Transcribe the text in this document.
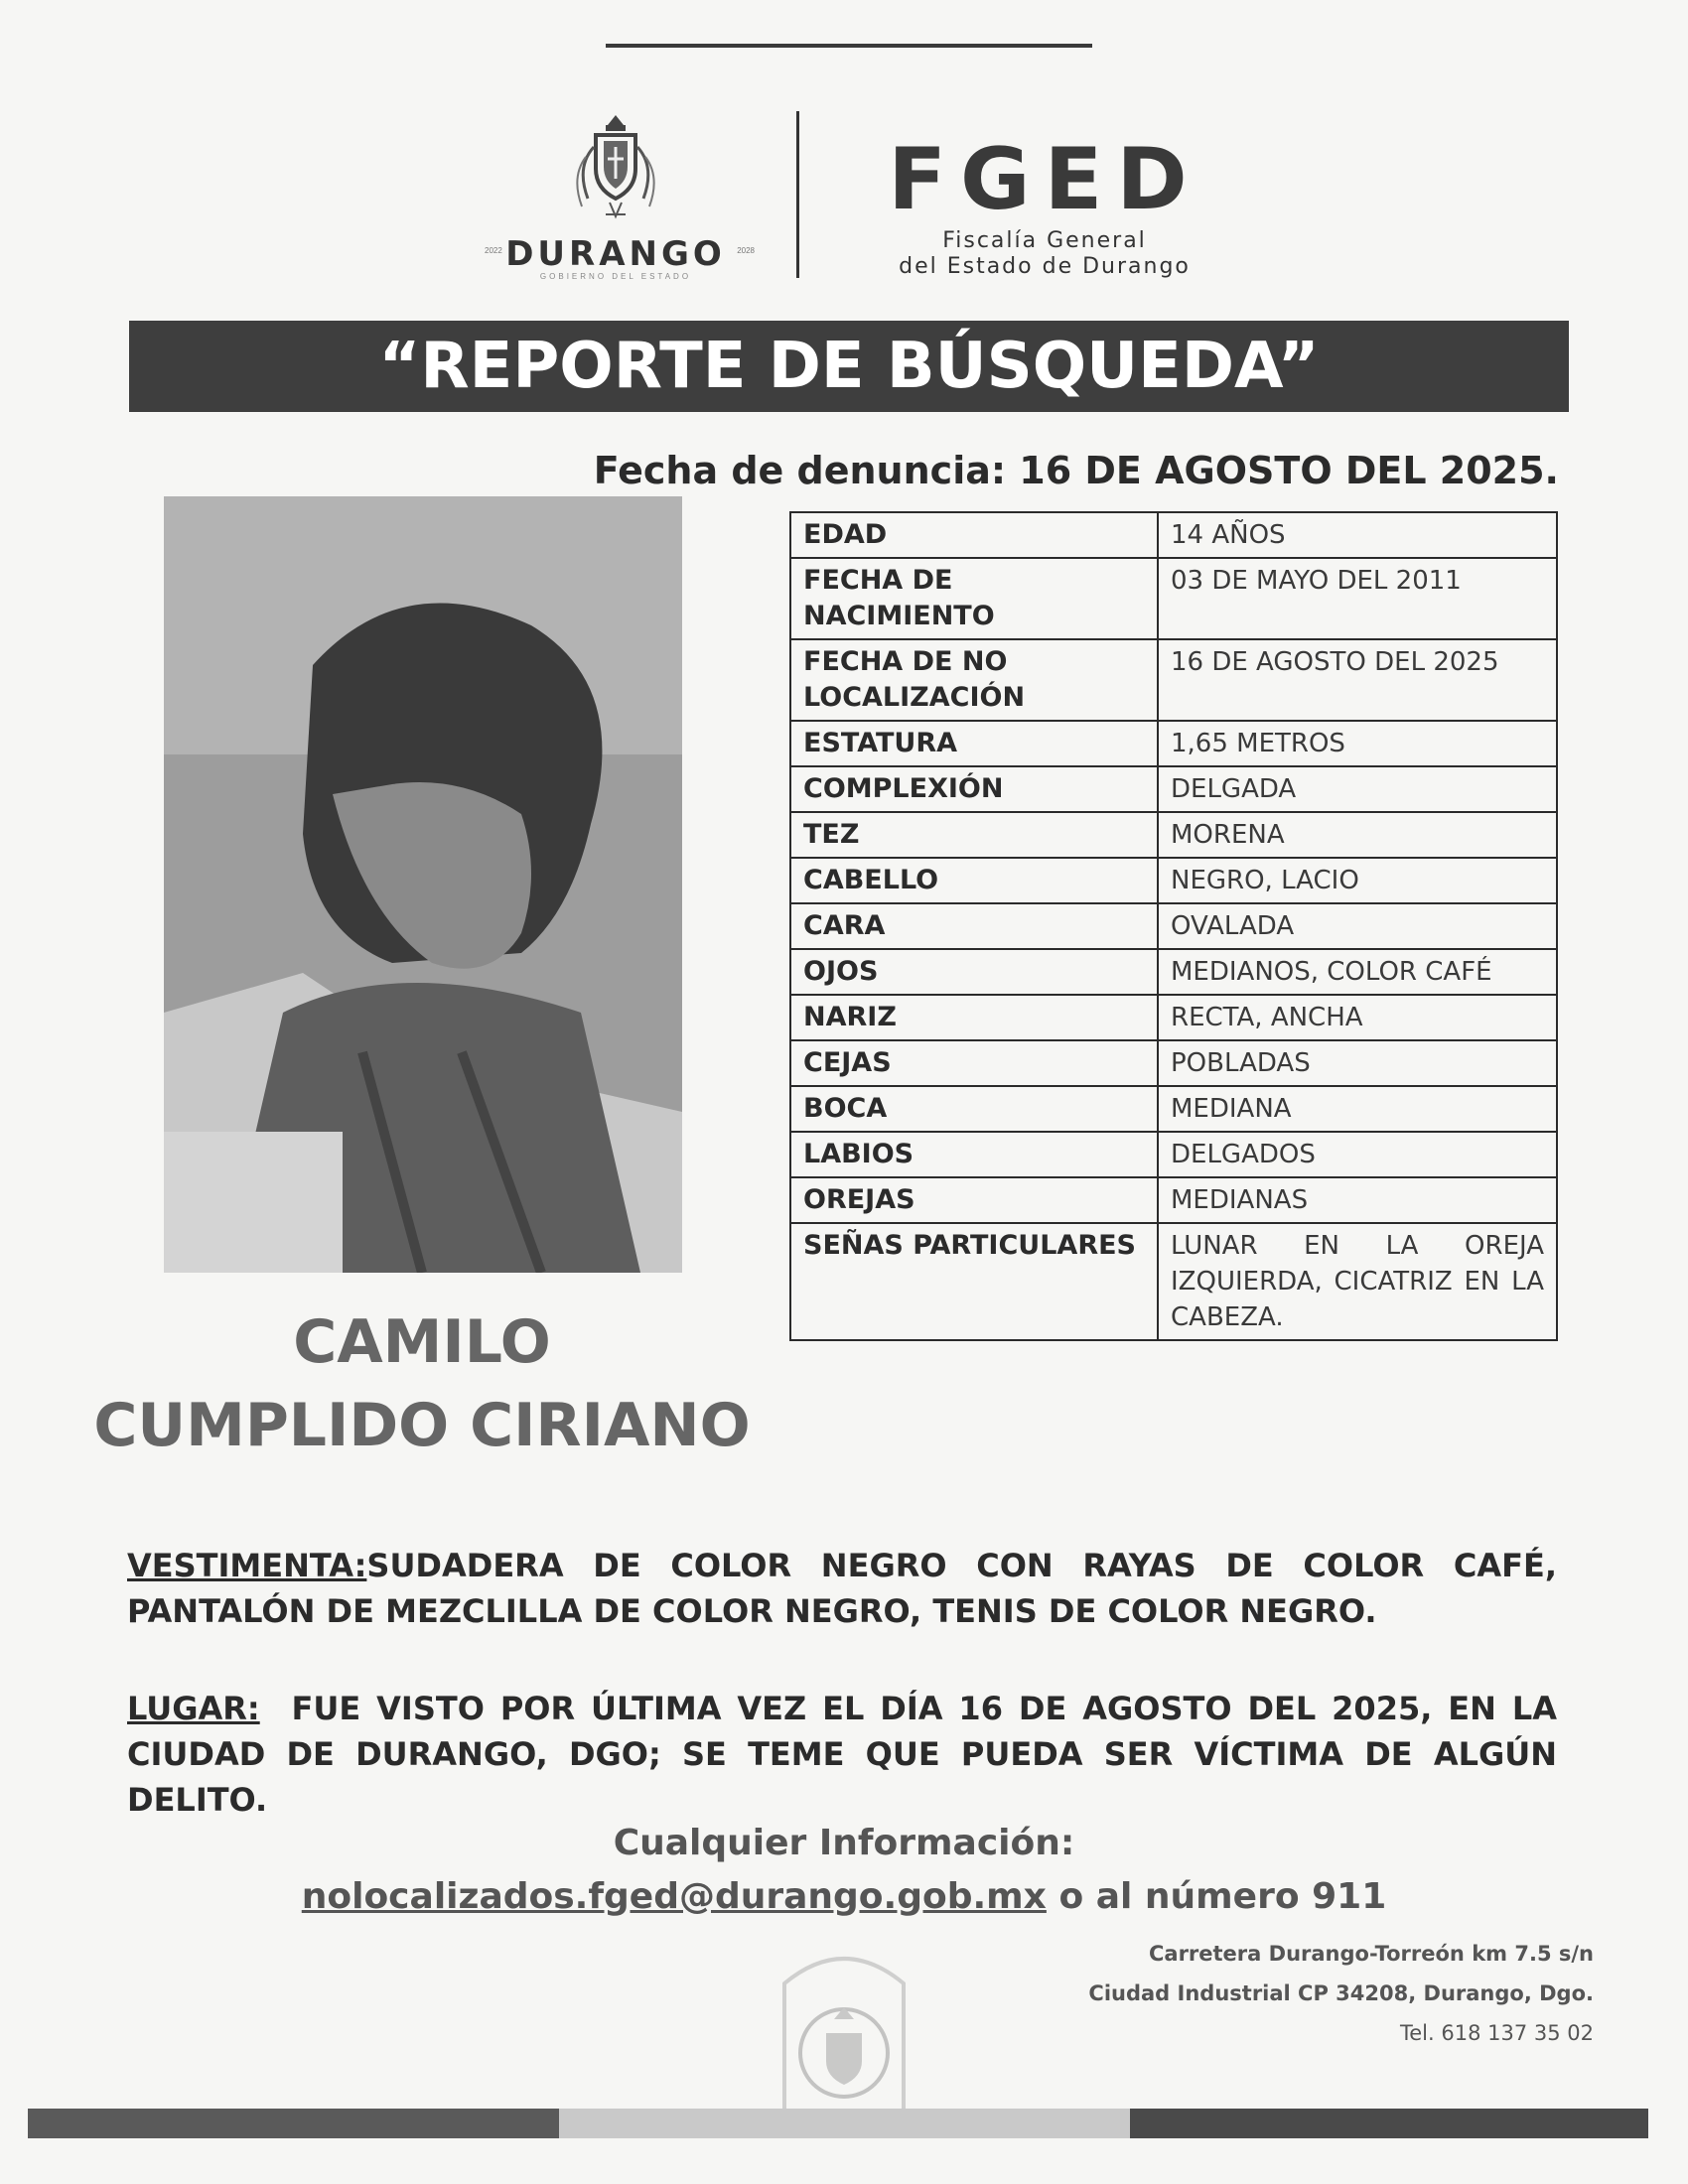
2022 DURANGO	2028
GOBIERNO DEL ESTADO
FGED
Fiscalía General
del Estado de Durango
“REPORTE DE BÚSQUEDA”
Fecha de denuncia: 16 DE AGOSTO DEL 2025.
EDAD	14 AÑOS
FECHA DE NACIMIENTO	03 DE MAYO DEL 2011
FECHA DE NO LOCALIZACIÓN	16 DE AGOSTO DEL 2025
ESTATURA	1,65 METROS
COMPLEXIÓN	DELGADA
TEZ	MORENA
CABELLO	NEGRO, LACIO
CARA	OVALADA
OJOS	MEDIANOS, COLOR CAFÉ
NARIZ	RECTA, ANCHA
CEJAS	POBLADAS
BOCA	MEDIANA
LABIOS	DELGADOS
OREJAS	MEDIANAS
SEÑAS PARTICULARES	LUNAR EN LA OREJA IZQUIERDA, CICATRIZ EN LA CABEZA.
CAMILO
CUMPLIDO CIRIANO
VESTIMENTA:SUDADERA DE COLOR NEGRO CON RAYAS DE COLOR CAFÉ, PANTALÓN DE MEZCLILLA DE COLOR NEGRO, TENIS DE COLOR NEGRO.
LUGAR: FUE VISTO POR ÚLTIMA VEZ EL DÍA 16 DE AGOSTO DEL 2025, EN LA CIUDAD DE DURANGO, DGO; SE TEME QUE PUEDA SER VÍCTIMA DE ALGÚN DELITO.
Cualquier Información:
nolocalizados.fged@durango.gob.mx o al número 911
Carretera Durango-Torreón km 7.5 s/n
Ciudad Industrial CP 34208, Durango, Dgo.
Tel. 618 137 35 02
